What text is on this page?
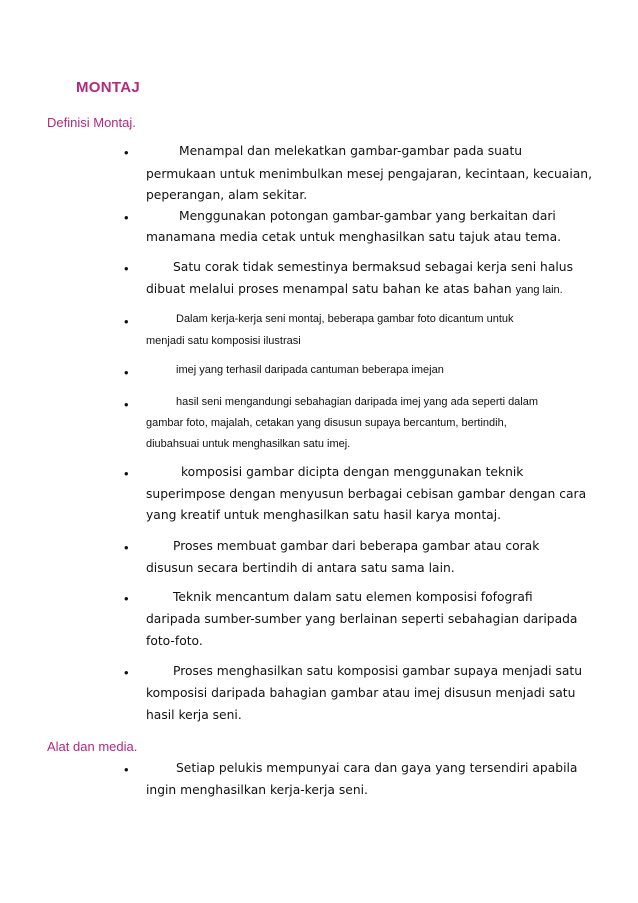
MONTAJ
Definisi Montaj.
•	Menampal dan melekatkan gambar-gambar pada suatu
permukaan untuk menimbulkan mesej pengajaran, kecintaan, kecuaian,
peperangan, alam sekitar.
•	Menggunakan potongan gambar-gambar yang berkaitan dari
manamana media cetak untuk menghasilkan satu tajuk atau tema.
•	Satu corak tidak semestinya bermaksud sebagai kerja seni halus
dibuat melalui proses menampal satu bahan ke atas bahan yang lain.
•	Dalam kerja-kerja seni montaj, beberapa gambar foto dicantum untuk
menjadi satu komposisi ilustrasi
•	imej yang terhasil daripada cantuman beberapa imejan
•	hasil seni mengandungi sebahagian daripada imej yang ada seperti dalam
gambar foto, majalah, cetakan yang disusun supaya bercantum, bertindih,
diubahsuai untuk menghasilkan satu imej.
•	komposisi gambar dicipta dengan menggunakan teknik
superimpose dengan menyusun berbagai cebisan gambar dengan cara
yang kreatif untuk menghasilkan satu hasil karya montaj.
•	Proses membuat gambar dari beberapa gambar atau corak
disusun secara bertindih di antara satu sama lain.
•	Teknik mencantum dalam satu elemen komposisi fofografi
daripada sumber-sumber yang berlainan seperti sebahagian daripada
foto-foto.
•	Proses menghasilkan satu komposisi gambar supaya menjadi satu
komposisi daripada bahagian gambar atau imej disusun menjadi satu
hasil kerja seni.
Alat dan media.
•	Setiap pelukis mempunyai cara dan gaya yang tersendiri apabila
ingin menghasilkan kerja-kerja seni.
